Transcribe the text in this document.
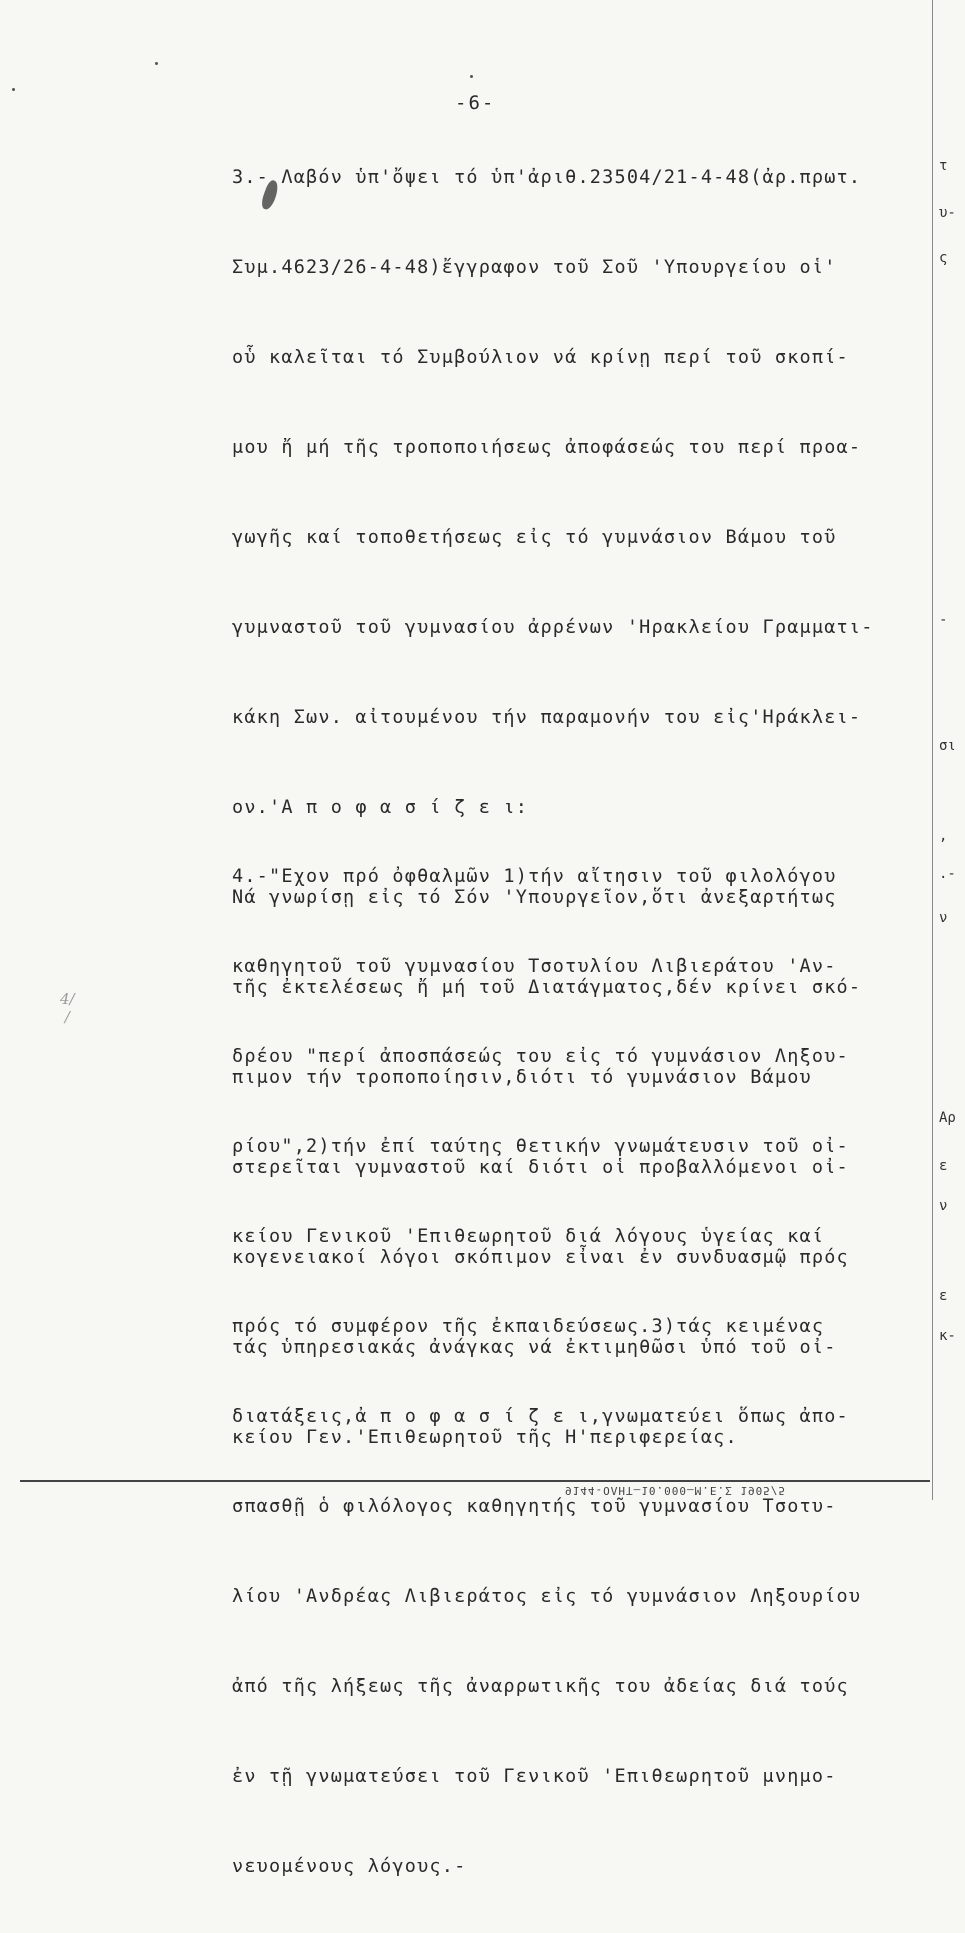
-6-

3.- Λαβόν ὑπ'ὄψει τό ὑπ'ἀριθ.23504/21-4-48(ἀρ.πρωτ.

Συμ.4623/26-4-48)ἔγγραφον τοῦ Σοῦ 'Υπουργείου οἱ'

οὗ καλεῖται τό Συμβούλιον νά κρίνῃ περί τοῦ σκοπί-

μου ἤ μή τῆς τροποποιήσεως ἀποφάσεώς του περί προα-

γωγῆς καί τοποθετήσεως εἰς τό γυμνάσιον Βάμου τοῦ

γυμναστοῦ τοῦ γυμνασίου ἀρρένων 'Ηρακλείου Γραμματι-

κάκη Σων. αἰτουμένου τήν παραμονήν του εἰς'Ηράκλει-

ον.'Α π ο φ α σ ί ζ ε ι:

Νά γνωρίσῃ εἰς τό Σόν 'Υπουργεῖον,ὅτι ἀνεξαρτήτως

τῆς ἐκτελέσεως ἤ μή τοῦ Διατάγματος,δέν κρίνει σκό-

πιμον τήν τροποποίησιν,διότι τό γυμνάσιον Βάμου

στερεῖται γυμναστοῦ καί διότι οἱ προβαλλόμενοι οἰ-

κογενειακοί λόγοι σκόπιμον εἶναι ἐν συνδυασμῷ πρός

τάς ὑπηρεσιακάς ἀνάγκας νά ἐκτιμηθῶσι ὑπό τοῦ οἰ-

κείου Γεν.'Επιθεωρητοῦ τῆς Η'περιφερείας.

4.-"Εχον πρό ὀφθαλμῶν 1)τήν αἴτησιν τοῦ φιλολόγου

καθηγητοῦ τοῦ γυμνασίου Τσοτυλίου Λιβιεράτου 'Αν-

δρέου "περί ἀποσπάσεώς του εἰς τό γυμνάσιον Ληξου-

ρίου",2)τήν ἐπί ταύτης θετικήν γνωμάτευσιν τοῦ οἰ-

κείου Γενικοῦ 'Επιθεωρητοῦ διά λόγους ὑγείας καί

πρός τό συμφέρον τῆς ἐκπαιδεύσεως.3)τάς κειμένας

διατάξεις,ἀ π ο φ α σ ί ζ ε ι,γνωματεύει ὅπως ἀπο-

σπασθῇ ὁ φιλόλογος καθηγητής τοῦ γυμνασίου Τσοτυ-

λίου 'Ανδρέας Λιβιεράτος εἰς τό γυμνάσιον Ληξουρίου

ἀπό τῆς λήξεως τῆς ἀναρρωτικῆς του ἀδείας διά τούς

ἐν τῇ γνωματεύσει τοῦ Γενικοῦ 'Επιθεωρητοῦ μνημο-

νευομένους λόγους.-

4/
/
τ
υ-
ς
-
σι
,
.-
ν
Αρ
ε
ν
ε
κ-
9144-ΟΛΗΤ—10.000—Μ.Ε.Σ 1905/5
